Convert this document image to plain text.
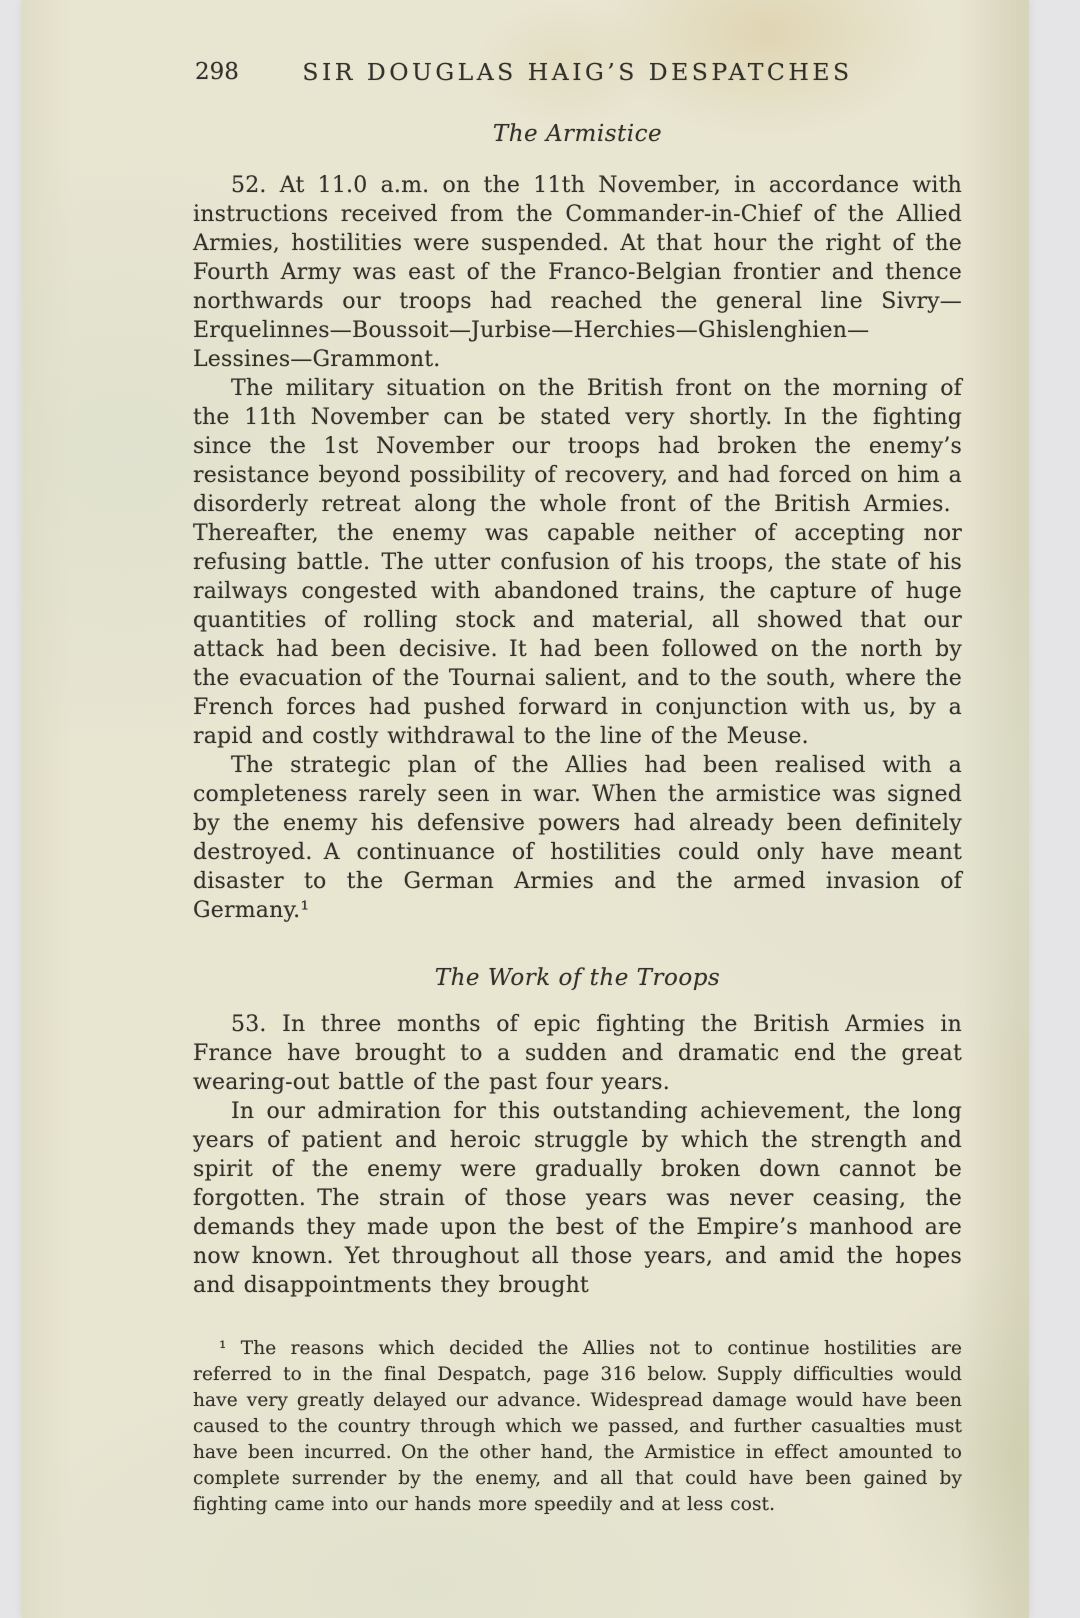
298	SIR DOUGLAS HAIG’S DESPATCHES
The Armistice

52. At 11.0 a.m. on the 11th November, in accordance with instructions received from the Commander-in-Chief of the Allied Armies, hostilities were suspended. At that hour the right of the Fourth Army was east of the Franco-Belgian frontier and thence northwards our troops had reached the general line Sivry—Erquelinnes—Boussoit—Jurbise—Herchies—Ghislenghien—Lessines—Grammont.

The military situation on the British front on the morning of the 11th November can be stated very shortly. In the fighting since the 1st November our troops had broken the enemy’s resistance beyond possibility of recovery, and had forced on him a disorderly retreat along the whole front of the British Armies. Thereafter, the enemy was capable neither of accepting nor refusing battle. The utter confusion of his troops, the state of his railways congested with abandoned trains, the capture of huge quantities of rolling stock and material, all showed that our attack had been decisive. It had been followed on the north by the evacuation of the Tournai salient, and to the south, where the French forces had pushed forward in conjunction with us, by a rapid and costly withdrawal to the line of the Meuse.

The strategic plan of the Allies had been realised with a completeness rarely seen in war. When the armistice was signed by the enemy his defensive powers had already been definitely destroyed. A continuance of hostilities could only have meant disaster to the German Armies and the armed invasion of Germany.¹

The Work of the Troops

53. In three months of epic fighting the British Armies in France have brought to a sudden and dramatic end the great wearing-out battle of the past four years.

In our admiration for this outstanding achievement, the long years of patient and heroic struggle by which the strength and spirit of the enemy were gradually broken down cannot be forgotten. The strain of those years was never ceasing, the demands they made upon the best of the Empire’s manhood are now known. Yet throughout all those years, and amid the hopes and disappointments they brought

¹ The reasons which decided the Allies not to continue hostilities are referred to in the final Despatch, page 316 below. Supply difficulties would have very greatly delayed our advance. Widespread damage would have been caused to the country through which we passed, and further casualties must have been incurred. On the other hand, the Armistice in effect amounted to complete surrender by the enemy, and all that could have been gained by fighting came into our hands more speedily and at less cost.
